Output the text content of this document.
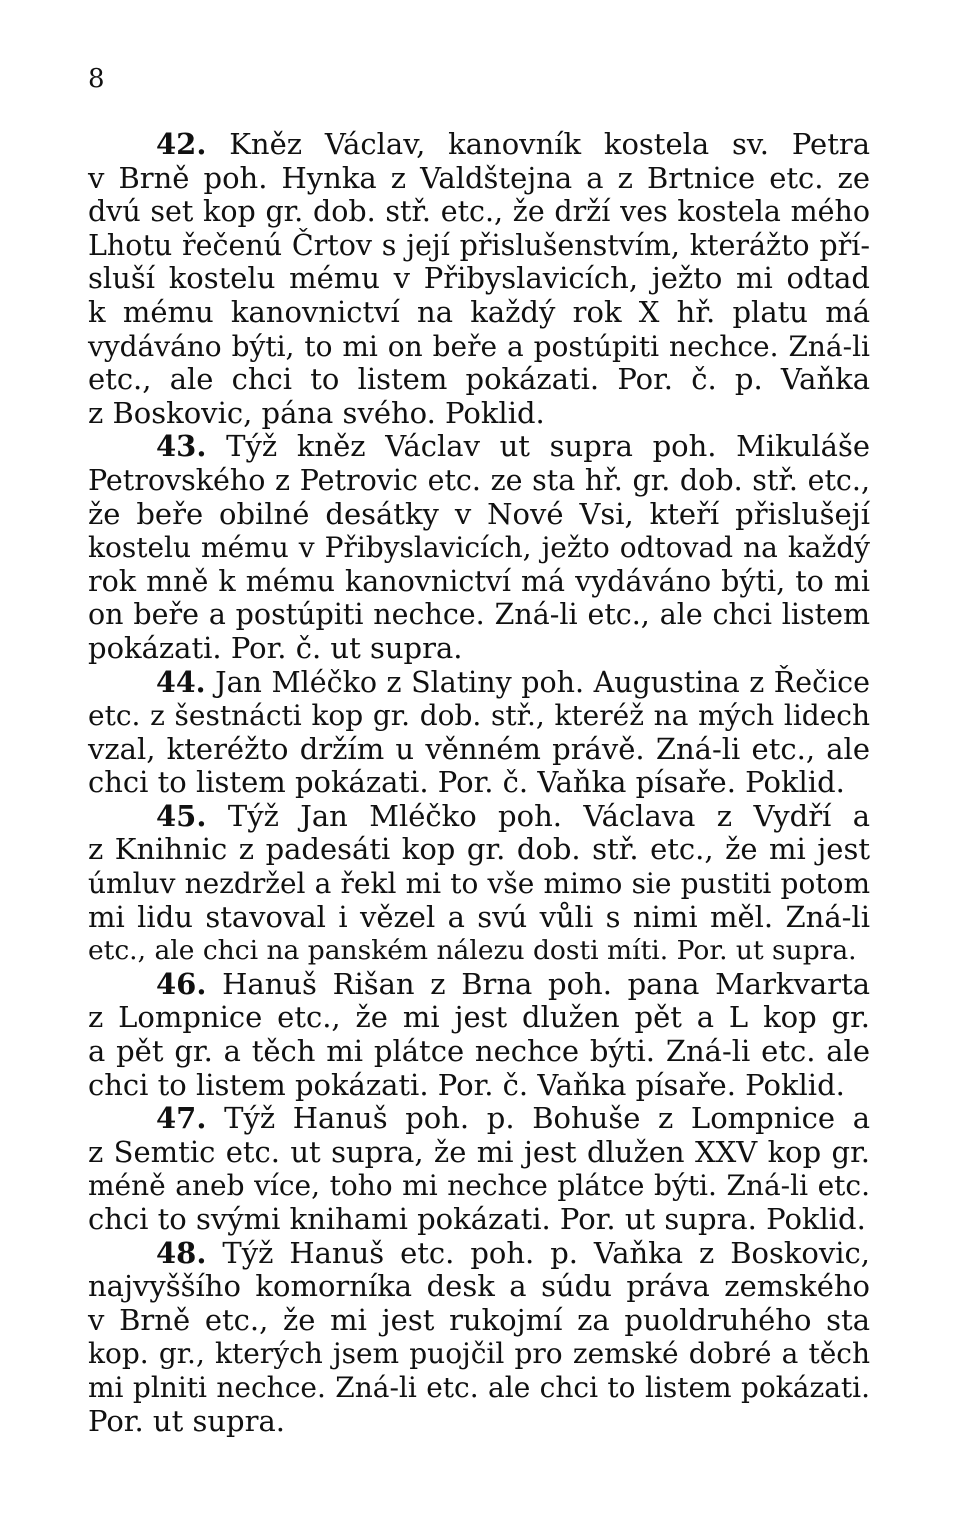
8
42. Kněz Václav, kanovník kostela sv. Petra
v Brně poh. Hynka z Valdštejna a z Brtnice etc. ze
dvú set kop gr. dob. stř. etc., že drží ves kostela mého
Lhotu řečenú Črtov s její přislušenstvím, kterážto pří-
sluší kostelu mému v Přibyslavicích, ježto mi odtad
k mému kanovnictví na každý rok X hř. platu má
vydáváno býti, to mi on beře a postúpiti nechce. Zná-li
etc., ale chci to listem pokázati. Por. č. p. Vaňka
z Boskovic, pána svého. Poklid.
43. Týž kněz Václav ut supra poh. Mikuláše
Petrovského z Petrovic etc. ze sta hř. gr. dob. stř. etc.,
že beře obilné desátky v Nové Vsi, kteří přislušejí
kostelu mému v Přibyslavicích, ježto odtovad na každý
rok mně k mému kanovnictví má vydáváno býti, to mi
on beře a postúpiti nechce. Zná-li etc., ale chci listem
pokázati. Por. č. ut supra.
44. Jan Mléčko z Slatiny poh. Augustina z Řečice
etc. z šestnácti kop gr. dob. stř., kteréž na mých lidech
vzal, kteréžto držím u věnném právě. Zná-li etc., ale
chci to listem pokázati. Por. č. Vaňka písaře. Poklid.
45. Týž Jan Mléčko poh. Václava z Vydří a
z Knihnic z padesáti kop gr. dob. stř. etc., že mi jest
úmluv nezdržel a řekl mi to vše mimo sie pustiti potom
mi lidu stavoval i vězel a svú vůli s nimi měl. Zná-li
etc., ale chci na panském nálezu dosti míti. Por. ut supra.
46. Hanuš Rišan z Brna poh. pana Markvarta
z Lompnice etc., že mi jest dlužen pět a L kop gr.
a pět gr. a těch mi plátce nechce býti. Zná-li etc. ale
chci to listem pokázati. Por. č. Vaňka písaře. Poklid.
47. Týž Hanuš poh. p. Bohuše z Lompnice a
z Semtic etc. ut supra, že mi jest dlužen XXV kop gr.
méně aneb více, toho mi nechce plátce býti. Zná-li etc.
chci to svými knihami pokázati. Por. ut supra. Poklid.
48. Týž Hanuš etc. poh. p. Vaňka z Boskovic,
najvyššího komorníka desk a súdu práva zemského
v Brně etc., že mi jest rukojmí za puoldruhého sta
kop. gr., kterých jsem puojčil pro zemské dobré a těch
mi plniti nechce. Zná-li etc. ale chci to listem pokázati.
Por. ut supra.
